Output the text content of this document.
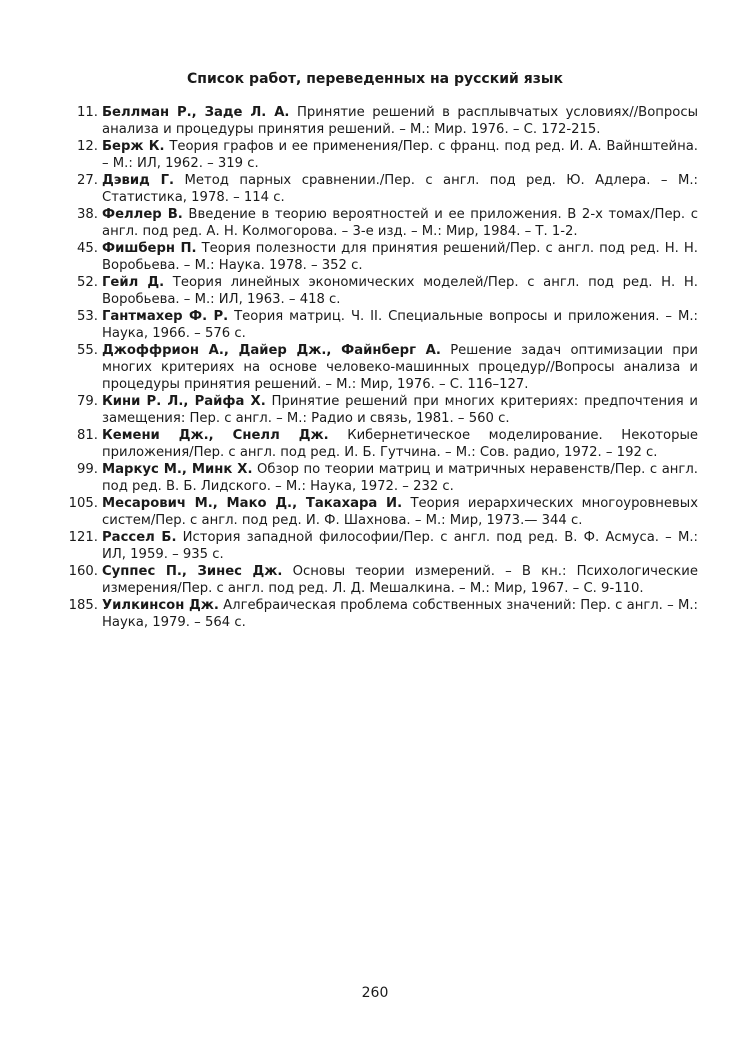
Список работ, переведенных на русский язык
11. Беллман Р., Заде Л. А. Принятие решений в расплывчатых условиях//Вопросы анализа и процедуры принятия решений. – М.: Мир. 1976. – С. 172-215.
12. Берж К. Теория графов и ее применения/Пер. с франц. под ред. И. А. Вайнштейна. – М.: ИЛ, 1962. – 319 с.
27. Дэвид Г. Метод парных сравнении./Пер. с англ. под ред. Ю. Адлера. – М.: Статистика, 1978. – 114 с.
38. Феллер В. Введение в теорию вероятностей и ее приложения. В 2-х томах/Пер. с англ. под ред. А. Н. Колмогорова. – 3-е изд. – М.: Мир, 1984. – Т. 1-2.
45. Фишберн П. Теория полезности для принятия решений/Пер. с англ. под ред. Н. Н. Воробьева. – М.: Наука. 1978. – 352 с.
52. Гейл Д. Теория линейных экономических моделей/Пер. с англ. под ред. Н. Н. Воробьева. – М.: ИЛ, 1963. – 418 с.
53. Гантмахер Ф. Р. Теория матриц. Ч. II. Специальные вопросы и приложения. – М.: Наука, 1966. – 576 с.
55. Джоффрион А., Дайер Дж., Файнберг А. Решение задач оптимизации при многих критериях на основе человеко-машинных процедур//Вопросы анализа и процедуры принятия решений. – М.: Мир, 1976. – С. 116–127.
79. Кини Р. Л., Райфа Х. Принятие решений при многих критериях: предпочтения и замещения: Пер. с англ. – М.: Радио и связь, 1981. – 560 с.
81. Кемени Дж., Снелл Дж. Кибернетическое моделирование. Некоторые приложения/Пер. с англ. под ред. И. Б. Гутчина. – М.: Сов. радио, 1972. – 192 с.
99. Маркус М., Минк Х. Обзор по теории матриц и матричных неравенств/Пер. с англ. под ред. В. Б. Лидского. – М.: Наука, 1972. – 232 с.
105. Месарович М., Мако Д., Такахара И. Теория иерархических многоуровневых систем/Пер. с англ. под ред. И. Ф. Шахнова. – М.: Мир, 1973.— 344 с.
121. Рассел Б. История западной философии/Пер. с англ. под ред. В. Ф. Асмуса. – М.: ИЛ, 1959. – 935 с.
160. Суппес П., Зинес Дж. Основы теории измерений. – В кн.: Психологические измерения/Пер. с англ. под ред. Л. Д. Мешалкина. – М.: Мир, 1967. – С. 9-110.
185. Уилкинсон Дж. Алгебраическая проблема собственных значений: Пер. с англ. – М.: Наука, 1979. – 564 с.
260
